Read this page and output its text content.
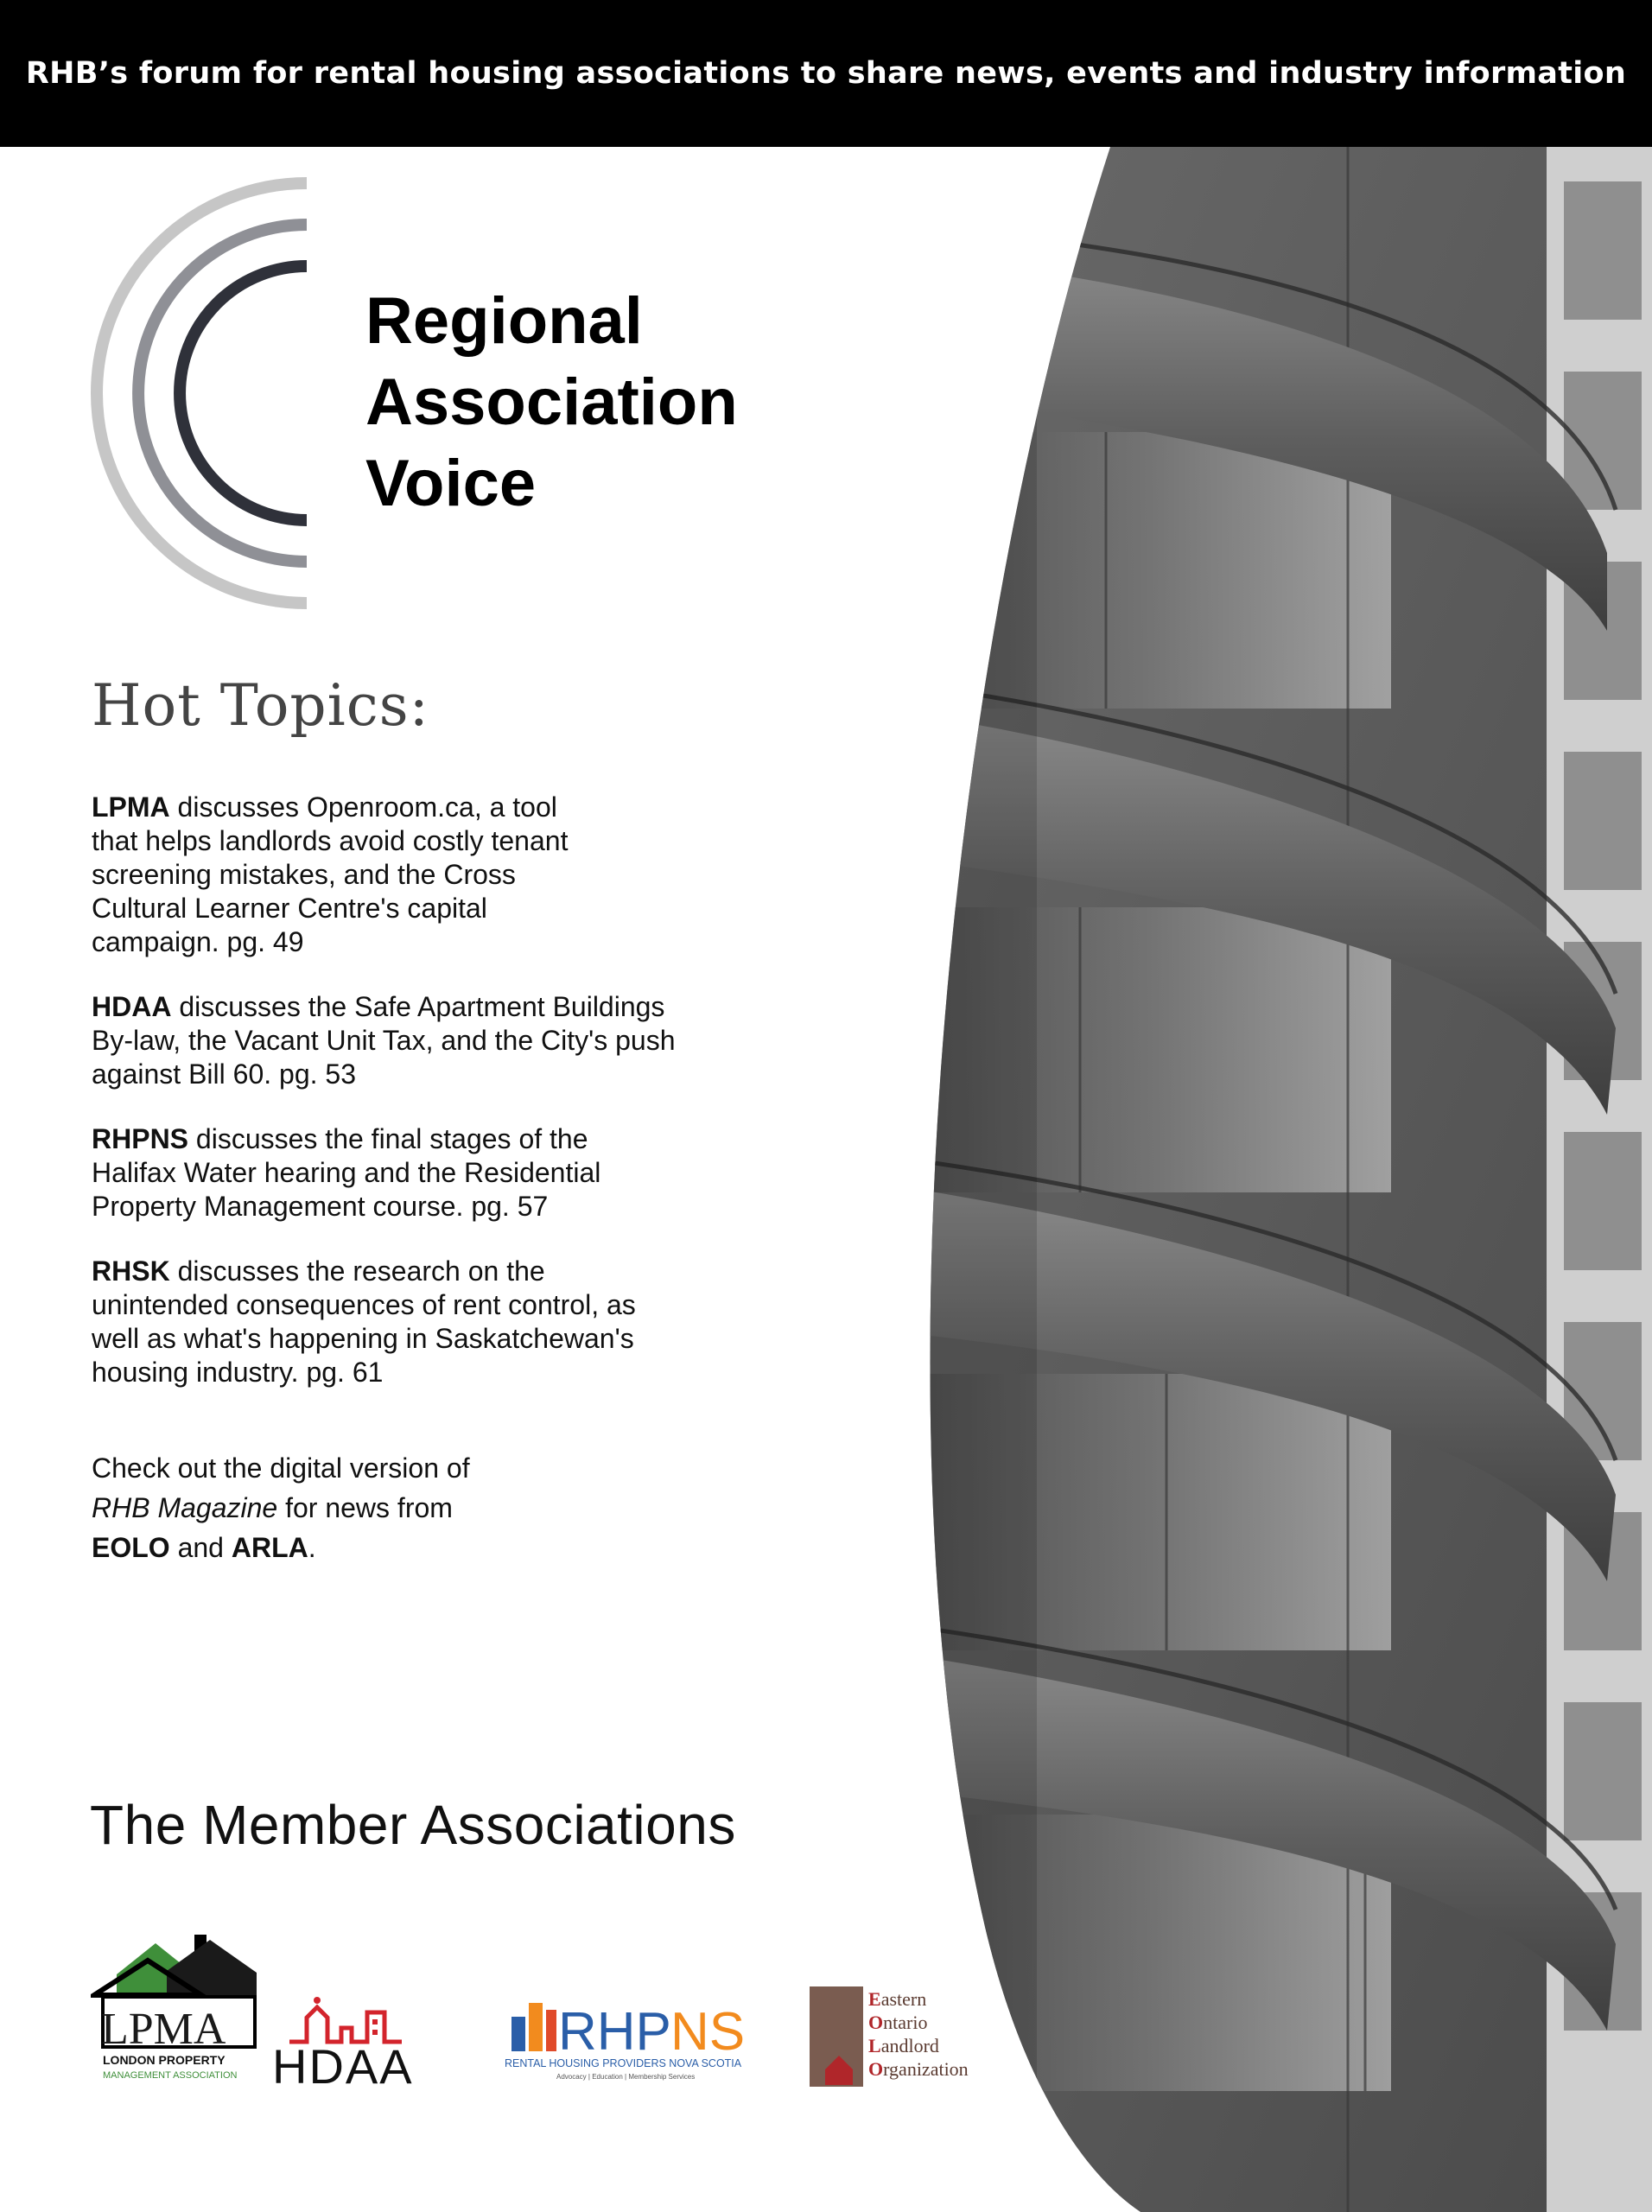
RHB’s forum for rental housing associations to share news, events and industry information
Regional
Association
Voice
Hot Topics:

LPMA discusses Openroom.ca, a tool that helps landlords avoid costly tenant screening mistakes, and the Cross Cultural Learner Centre's capital campaign. pg. 49

HDAA discusses the Safe Apartment Buildings By-law, the Vacant Unit Tax, and the City's push against Bill 60. pg. 53

RHPNS discusses the final stages of the Halifax Water hearing and the Residential Property Management course. pg. 57

RHSK discusses the research on the unintended consequences of rent control, as well as what's happening in Saskatchewan's housing industry. pg. 61

Check out the digital version of
RHB Magazine for news from
EOLO and ARLA.
The Member Associations
LPMA
LONDON PROPERTY
MANAGEMENT ASSOCIATION HDAA
RHP NS
RENTAL HOUSING PROVIDERS NOVA SCOTIA
Advocacy | Education | Membership Services
Eastern
Ontario
Landlord
Organization
